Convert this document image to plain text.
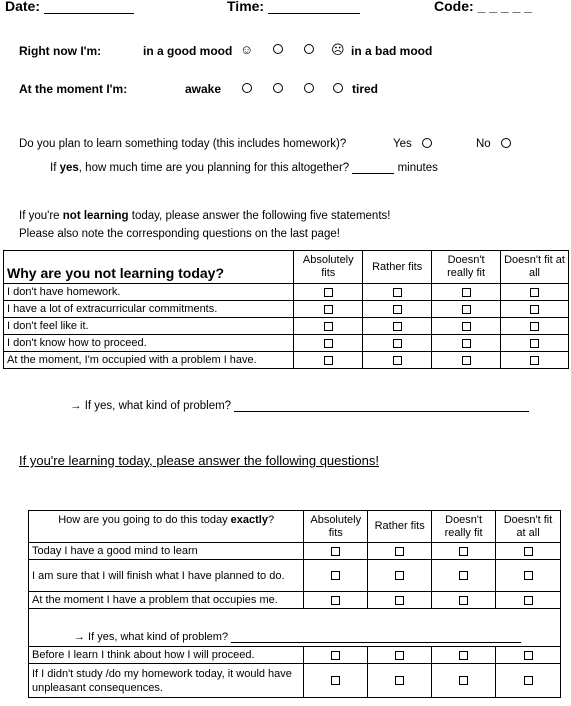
Date:	Time:	Code: _ _ _ _ _
Right now I'm:	in a good mood ☺	☹ in a bad mood
At the moment I'm:	awake	tired
Do you plan to learn something today (this includes homework)?	Yes	No
If yes, how much time are you planning for this altogether?	minutes
If you're not learning today, please answer the following five statements!
Please also note the corresponding questions on the last page!
Why are you not learning today?	Absolutely fits	Rather fits	Doesn't really fit	Doesn't fit at all
I don't have homework.				
I have a lot of extracurricular commitments.				
I don't feel like it.				
I don't know how to proceed.				
At the moment, I'm occupied with a problem I have.				
→ If yes, what kind of problem?
If you're learning today, please answer the following questions!
How are you going to do this today exactly?	Absolutely fits	Rather fits	Doesn't really fit	Doesn't fit at all
Today I have a good mind to learn				
I am sure that I will finish what I have planned to do.				
At the moment I have a problem that occupies me.				
→ If yes, what kind of problem?				
Before I learn I think about how I will proceed.				
If I didn't study /do my homework today, it would have unpleasant consequences.				
